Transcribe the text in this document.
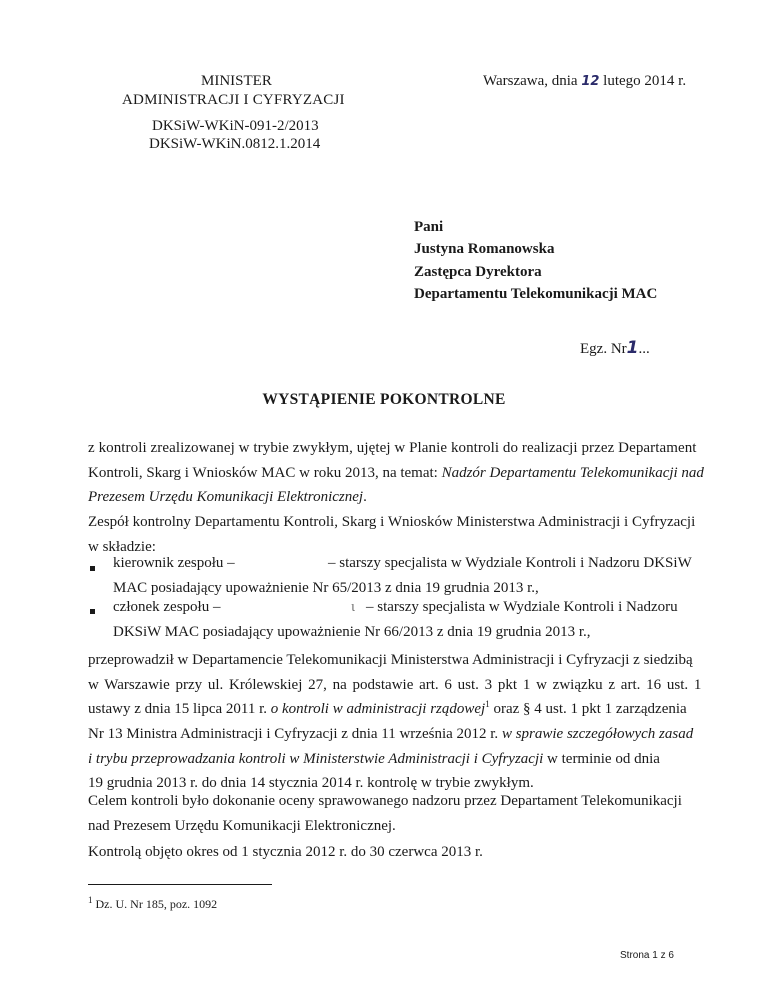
MINISTER
ADMINISTRACJI I CYFRYZACJI
DKSiW-WKiN-091-2/2013
DKSiW-WKiN.0812.1.2014
Warszawa, dnia 12 lutego 2014 r.
Pani
Justyna Romanowska
Zastępca Dyrektora
Departamentu Telekomunikacji MAC
Egz. Nr1...
WYSTĄPIENIE POKONTROLNE
z kontroli zrealizowanej w trybie zwykłym, ujętej w Planie kontroli do realizacji przez Departament
Kontroli, Skarg i Wniosków MAC w roku 2013, na temat: Nadzór Departamentu Telekomunikacji nad
Prezesem Urzędu Komunikacji Elektronicznej.
Zespół kontrolny Departamentu Kontroli, Skarg i Wniosków Ministerstwa Administracji i Cyfryzacji
w składzie:
kierownik zespołu –	– starszy specjalista w Wydziale Kontroli i Nadzoru DKSiW
MAC posiadający upoważnienie Nr 65/2013 z dnia 19 grudnia 2013 r.,
członek zespołu –	ι – starszy specjalista w Wydziale Kontroli i Nadzoru
DKSiW MAC posiadający upoważnienie Nr 66/2013 z dnia 19 grudnia 2013 r.,
przeprowadził w Departamencie Telekomunikacji Ministerstwa Administracji i Cyfryzacji z siedzibą
w Warszawie przy ul. Królewskiej 27, na podstawie art. 6 ust. 3 pkt 1 w związku z art. 16 ust. 1
ustawy z dnia 15 lipca 2011 r. o kontroli w administracji rządowej$^1$ oraz § 4 ust. 1 pkt 1 zarządzenia
Nr 13 Ministra Administracji i Cyfryzacji z dnia 11 września 2012 r. w sprawie szczegółowych zasad
i trybu przeprowadzania kontroli w Ministerstwie Administracji i Cyfryzacji w terminie od dnia
19 grudnia 2013 r. do dnia 14 stycznia 2014 r. kontrolę w trybie zwykłym.
Celem kontroli było dokonanie oceny sprawowanego nadzoru przez Departament Telekomunikacji
nad Prezesem Urzędu Komunikacji Elektronicznej.
Kontrolą objęto okres od 1 stycznia 2012 r. do 30 czerwca 2013 r.
$^1$ Dz. U. Nr 185, poz. 1092
Strona 1 z 6
